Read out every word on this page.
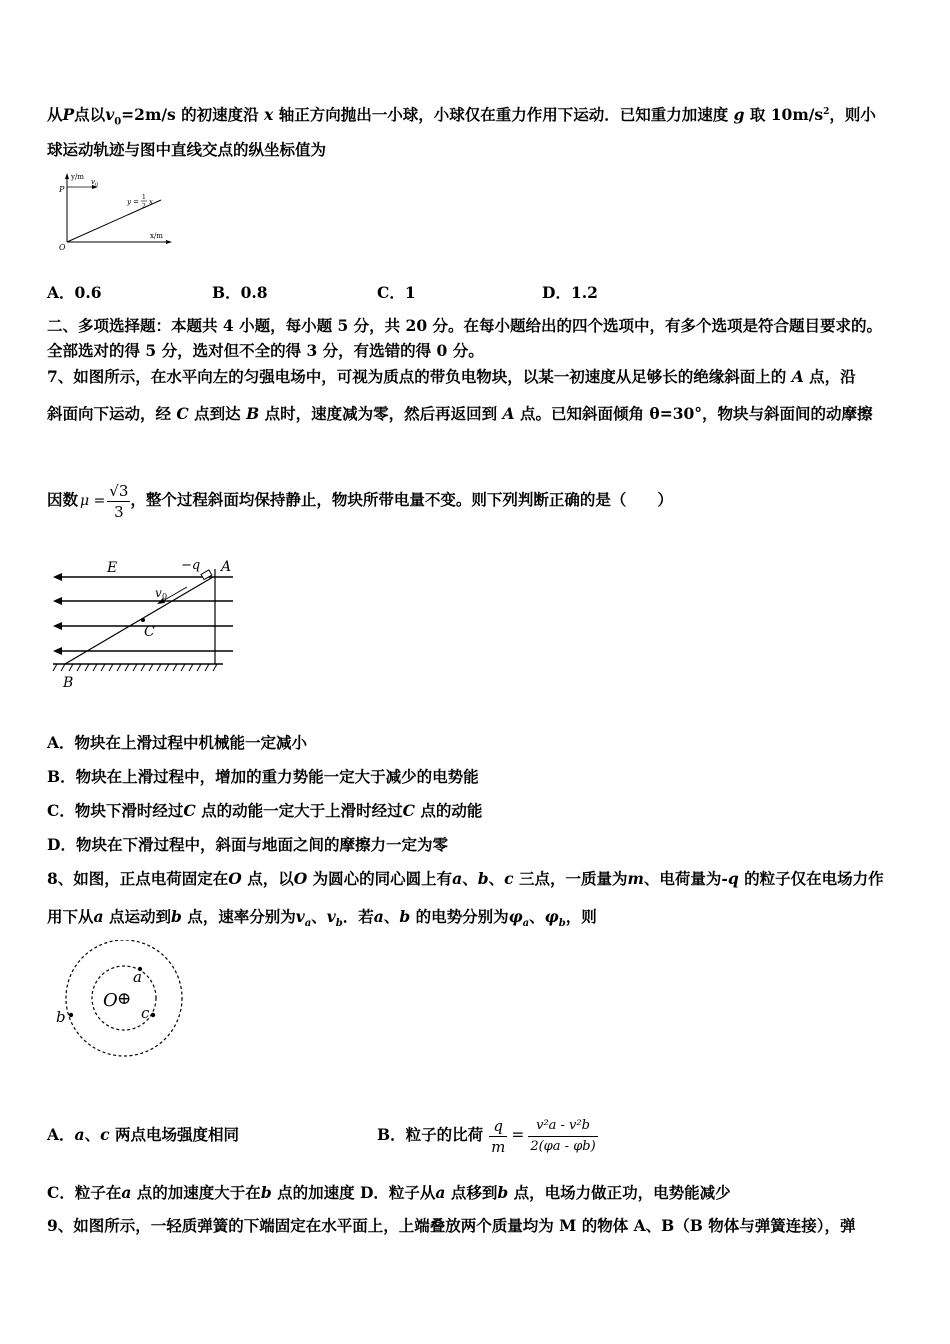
从P点以$v_0=2m/s$ 的初速度沿 x 轴正方向抛出一小球，小球仅在重力作用下运动．已知重力加速度 g 取 $10m/s^2$，则小
球运动轨迹与图中直线交点的纵坐标值为
y/m
x/m
P
v 0
y =
1
2
x
O
A．0.6	B．0.8	C．1	D．1.2
二、多项选择题：本题共 4 小题，每小题 5 分，共 20 分。在每小题给出的四个选项中，有多个选项是符合题目要求的。
全部选对的得 5 分，选对但不全的得 3 分，有选错的得 0 分。
7、如图所示，在水平向左的匀强电场中，可视为质点的带负电物块，以某一初速度从足够长的绝缘斜面上的 A 点，沿
斜面向下运动，经 C 点到达 B 点时，速度减为零，然后再返回到 A 点。已知斜面倾角 θ=30°，物块与斜面间的动摩擦
因数 $\mu = \frac{√3}{3}$ ，整个过程斜面均保持静止，物块所带电量不变。则下列判断正确的是（　　）
E	−q A
v 0
C
B
A．物块在上滑过程中机械能一定减小
B．物块在上滑过程中，增加的重力势能一定大于减少的电势能
C．物块下滑时经过C 点的动能一定大于上滑时经过C 点的动能
D．物块在下滑过程中，斜面与地面之间的摩擦力一定为零
8、如图，正点电荷固定在O 点，以O 为圆心的同心圆上有a、b、c 三点，一质量为m、电荷量为-q 的粒子仅在电场力作
用下从a 点运动到b 点，速率分别为$v_a$、$v_b$．若a、b 的电势分别为$\varphi_a$、$\varphi_b$，则
O ⊕
a
c
b
A．a、c 两点电场强度相同	B．粒子的比荷 $\frac{q}{m} = \frac{\text{v²a - v²b}}{2(\varphi a - \varphi b)}$
C．粒子在a 点的加速度大于在b 点的加速度 D．粒子从a 点移到b 点，电场力做正功，电势能减少
9、如图所示，一轻质弹簧的下端固定在水平面上，上端叠放两个质量均为 M 的物体 A、B（B 物体与弹簧连接），弹
